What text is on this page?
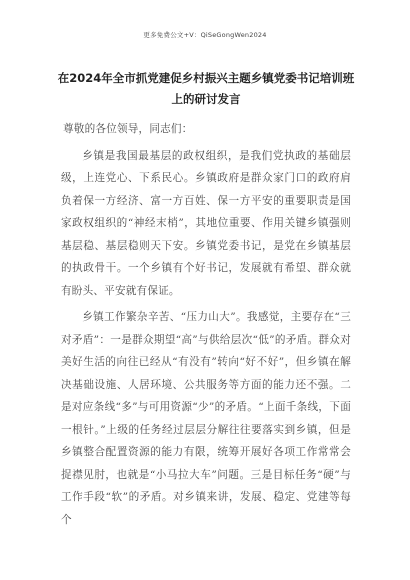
更多免费公文+V：QiSeGongWen2024
在2024年全市抓党建促乡村振兴主题乡镇党委书记培训班上的研讨发言

尊敬的各位领导，同志们：

乡镇是我国最基层的政权组织，是我们党执政的基础层级，上连党心、下系民心。乡镇政府是群众家门口的政府肩负着保一方经济、富一方百姓、保一方平安的重要职责是国家政权组织的“神经末梢”，其地位重要、作用关键乡镇强则基层稳、基层稳则天下安。乡镇党委书记，是党在乡镇基层的执政骨干。一个乡镇有个好书记，发展就有希望、群众就有盼头、平安就有保证。

乡镇工作繁杂辛苦、“压力山大”。我感觉，主要存在“三对矛盾”：一是群众期望“高”与供给层次“低”的矛盾。群众对美好生活的向往已经从“有没有”转向“好不好”，但乡镇在解决基础设施、人居环境、公共服务等方面的能力还不强。二是对应条线“多”与可用资源“少”的矛盾。“上面千条线，下面一根针。”上级的任务经过层层分解往往要落实到乡镇，但是乡镇整合配置资源的能力有限，统筹开展好各项工作常常会捉襟见肘，也就是“小马拉大车”问题。三是目标任务“硬”与工作手段“软”的矛盾。对乡镇来讲，发展、稳定、党建等每个
